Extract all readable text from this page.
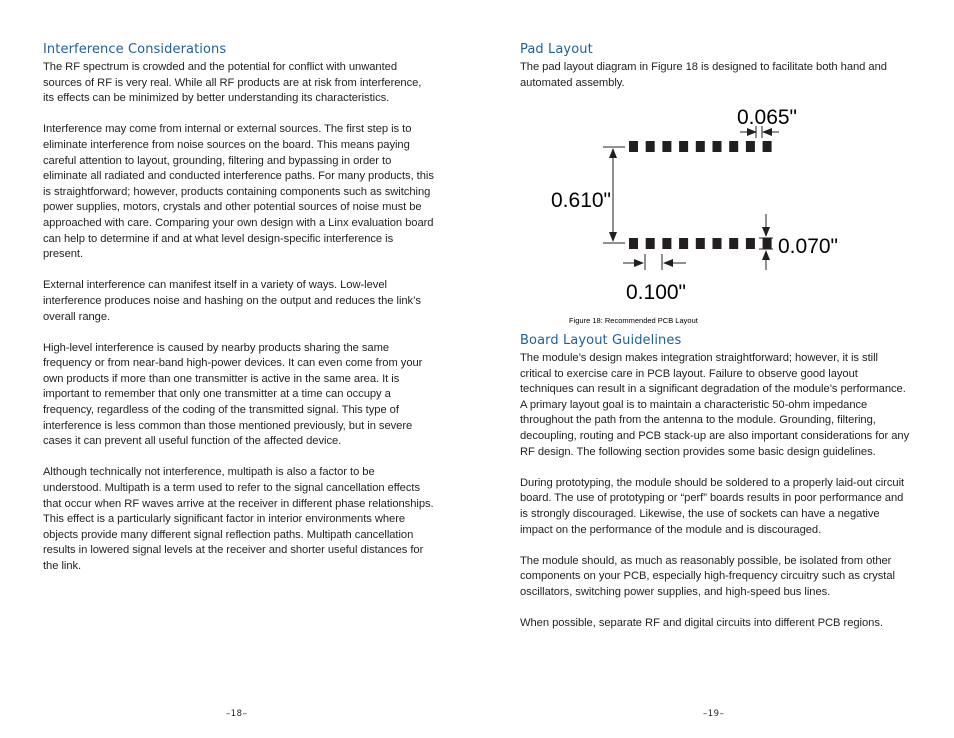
Interference Considerations

The RF spectrum is crowded and the potential for conflict with unwanted sources of RF is very real. While all RF products are at risk from interference, its effects can be minimized by better understanding its characteristics.

Interference may come from internal or external sources. The first step is to eliminate interference from noise sources on the board. This means paying careful attention to layout, grounding, filtering and bypassing in order to eliminate all radiated and conducted interference paths. For many products, this is straightforward; however, products containing components such as switching power supplies, motors, crystals and other potential sources of noise must be approached with care. Comparing your own design with a Linx evaluation board can help to determine if and at what level design-specific interference is present.

External interference can manifest itself in a variety of ways. Low-level interference produces noise and hashing on the output and reduces the link’s overall range.

High-level interference is caused by nearby products sharing the same frequency or from near-band high-power devices. It can even come from your own products if more than one transmitter is active in the same area. It is important to remember that only one transmitter at a time can occupy a frequency, regardless of the coding of the transmitted signal. This type of interference is less common than those mentioned previously, but in severe cases it can prevent all useful function of the affected device.

Although technically not interference, multipath is also a factor to be understood. Multipath is a term used to refer to the signal cancellation effects that occur when RF waves arrive at the receiver in different phase relationships. This effect is a particularly significant factor in interior environments where objects provide many different signal reflection paths. Multipath cancellation results in lowered signal levels at the receiver and shorter useful distances for the link.

–18–
Pad Layout

The pad layout diagram in Figure 18 is designed to facilitate both hand and automated assembly.

0.065"
0.610"
0.070"
0.100"
Figure 18: Recommended PCB Layout
Board Layout Guidelines

The module’s design makes integration straightforward; however, it is still critical to exercise care in PCB layout. Failure to observe good layout techniques can result in a significant degradation of the module’s performance. A primary layout goal is to maintain a characteristic 50-ohm impedance throughout the path from the antenna to the module. Grounding, filtering, decoupling, routing and PCB stack-up are also important considerations for any RF design. The following section provides some basic design guidelines.

During prototyping, the module should be soldered to a properly laid-out circuit board. The use of prototyping or “perf” boards results in poor performance and is strongly discouraged. Likewise, the use of sockets can have a negative impact on the performance of the module and is discouraged.

The module should, as much as reasonably possible, be isolated from other components on your PCB, especially high-frequency circuitry such as crystal oscillators, switching power supplies, and high-speed bus lines.

When possible, separate RF and digital circuits into different PCB regions.

–19–
